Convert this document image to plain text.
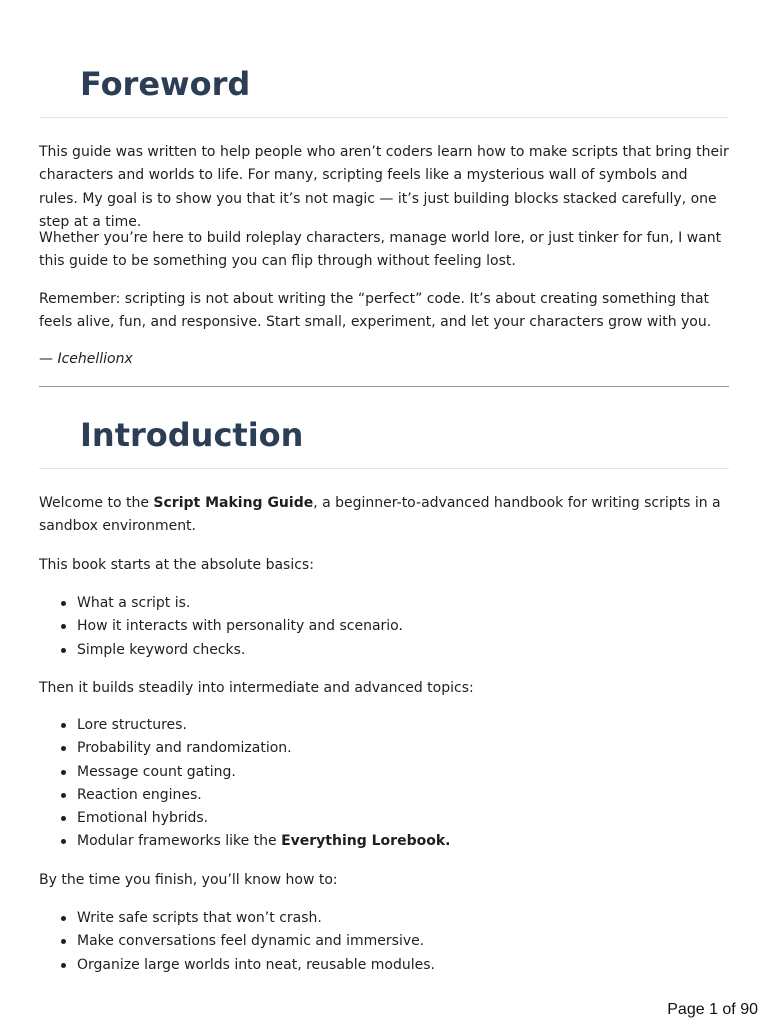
Foreword

This guide was written to help people who aren’t coders learn how to make scripts that bring their characters and worlds to life. For many, scripting feels like a mysterious wall of symbols and rules. My goal is to show you that it’s not magic — it’s just building blocks stacked carefully, one step at a time.

Whether you’re here to build roleplay characters, manage world lore, or just tinker for fun, I want this guide to be something you can flip through without feeling lost.

Remember: scripting is not about writing the “perfect” code. It’s about creating something that feels alive, fun, and responsive. Start small, experiment, and let your characters grow with you.

— Icehellionx

Introduction

Welcome to the Script Making Guide, a beginner-to-advanced handbook for writing scripts in a sandbox environment.

This book starts at the absolute basics:

What a script is.
How it interacts with personality and scenario.
Simple keyword checks.

Then it builds steadily into intermediate and advanced topics:

Lore structures.
Probability and randomization.
Message count gating.
Reaction engines.
Emotional hybrids.
Modular frameworks like the Everything Lorebook.

By the time you finish, you’ll know how to:

Write safe scripts that won’t crash.
Make conversations feel dynamic and immersive.
Organize large worlds into neat, reusable modules.
Page 1 of 90
